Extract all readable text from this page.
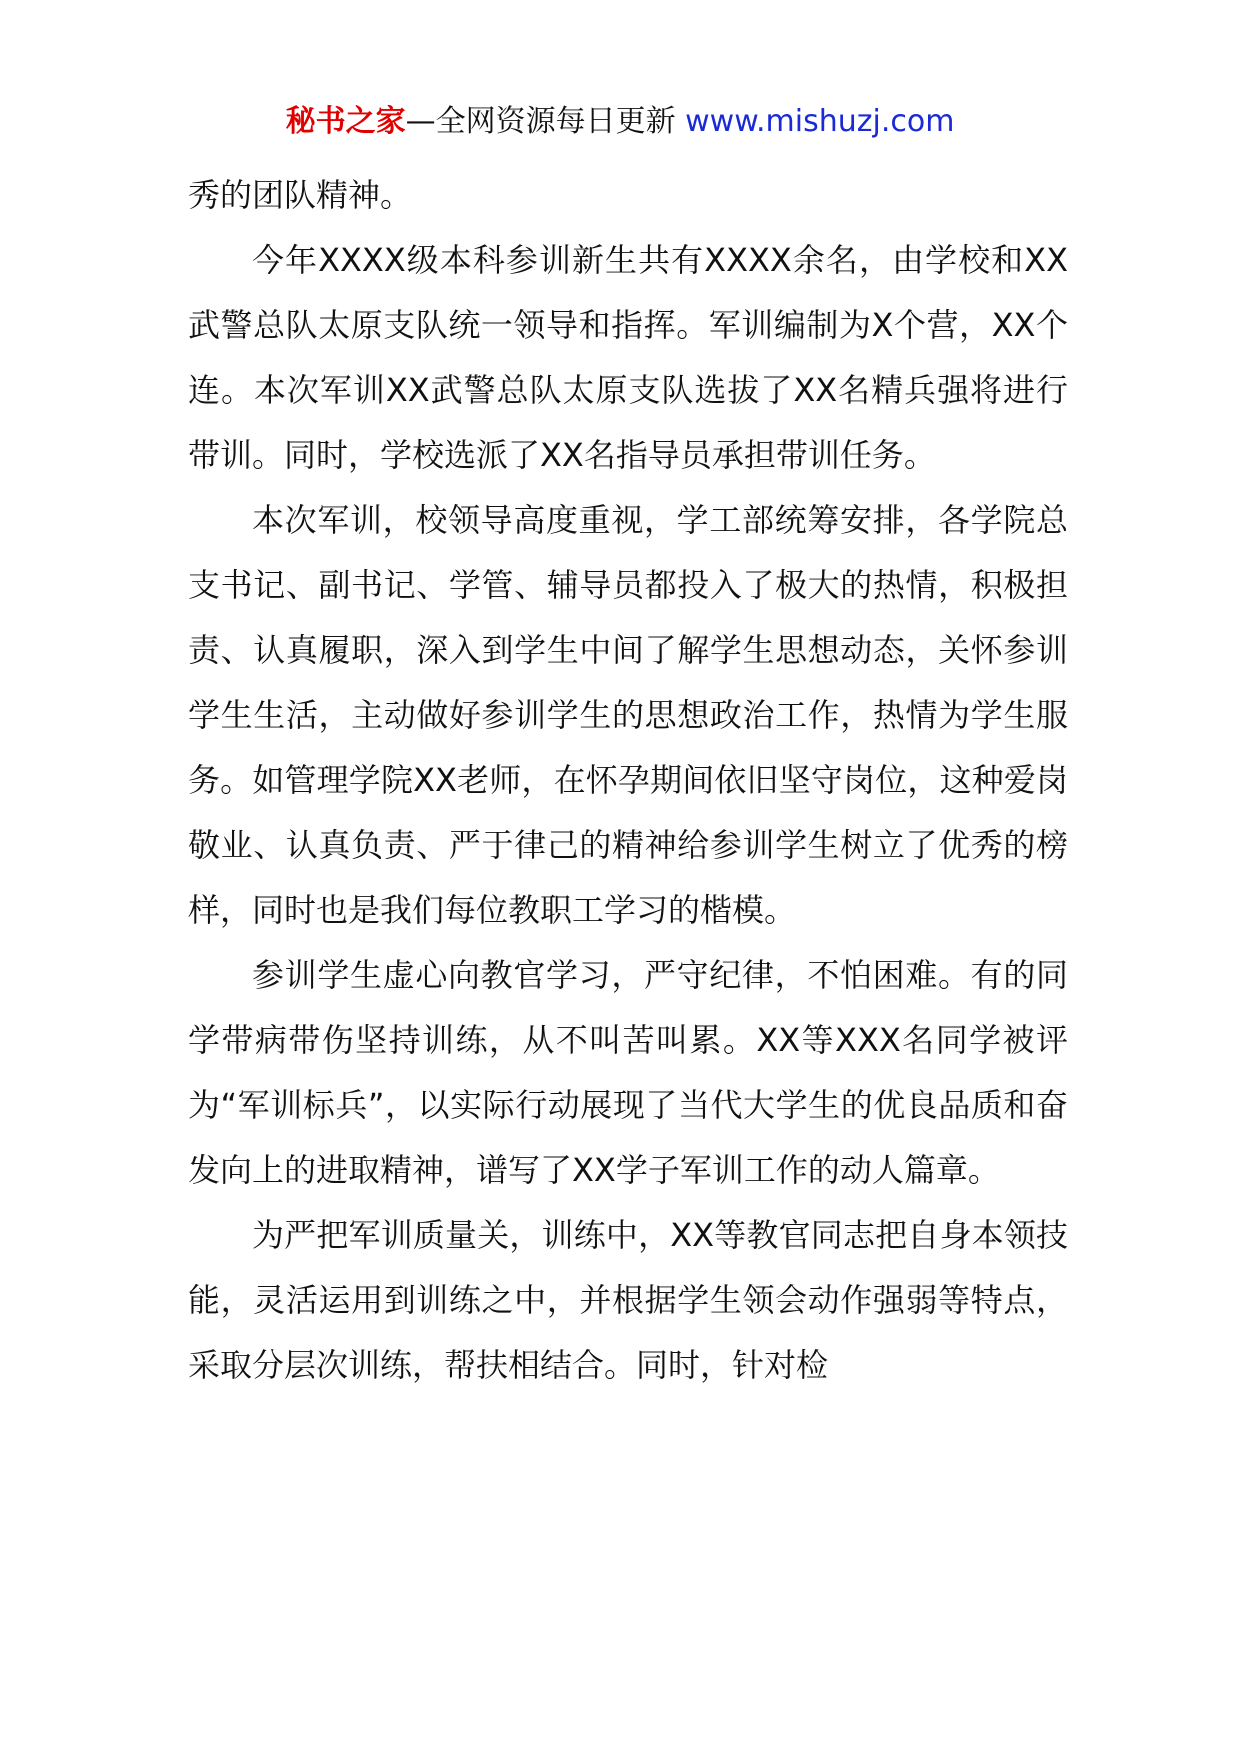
秘书之家—全网资源每日更新 www.mishuzj.com

秀的团队精神。

今年XXXX级本科参训新生共有XXXX余名，由学校和XX武警总队太原支队统一领导和指挥。军训编制为X个营，XX个连。本次军训XX武警总队太原支队选拔了XX名精兵强将进行带训。同时，学校选派了XX名指导员承担带训任务。

本次军训，校领导高度重视，学工部统筹安排，各学院总支书记、副书记、学管、辅导员都投入了极大的热情，积极担责、认真履职，深入到学生中间了解学生思想动态，关怀参训学生生活，主动做好参训学生的思想政治工作，热情为学生服务。如管理学院XX老师，在怀孕期间依旧坚守岗位，这种爱岗敬业、认真负责、严于律己的精神给参训学生树立了优秀的榜样，同时也是我们每位教职工学习的楷模。

参训学生虚心向教官学习，严守纪律，不怕困难。有的同学带病带伤坚持训练，从不叫苦叫累。XX等XXX名同学被评为“军训标兵”，以实际行动展现了当代大学生的优良品质和奋发向上的进取精神，谱写了XX学子军训工作的动人篇章。

为严把军训质量关，训练中，XX等教官同志把自身本领技能，灵活运用到训练之中，并根据学生领会动作强弱等特点，采取分层次训练，帮扶相结合。同时，针对检
